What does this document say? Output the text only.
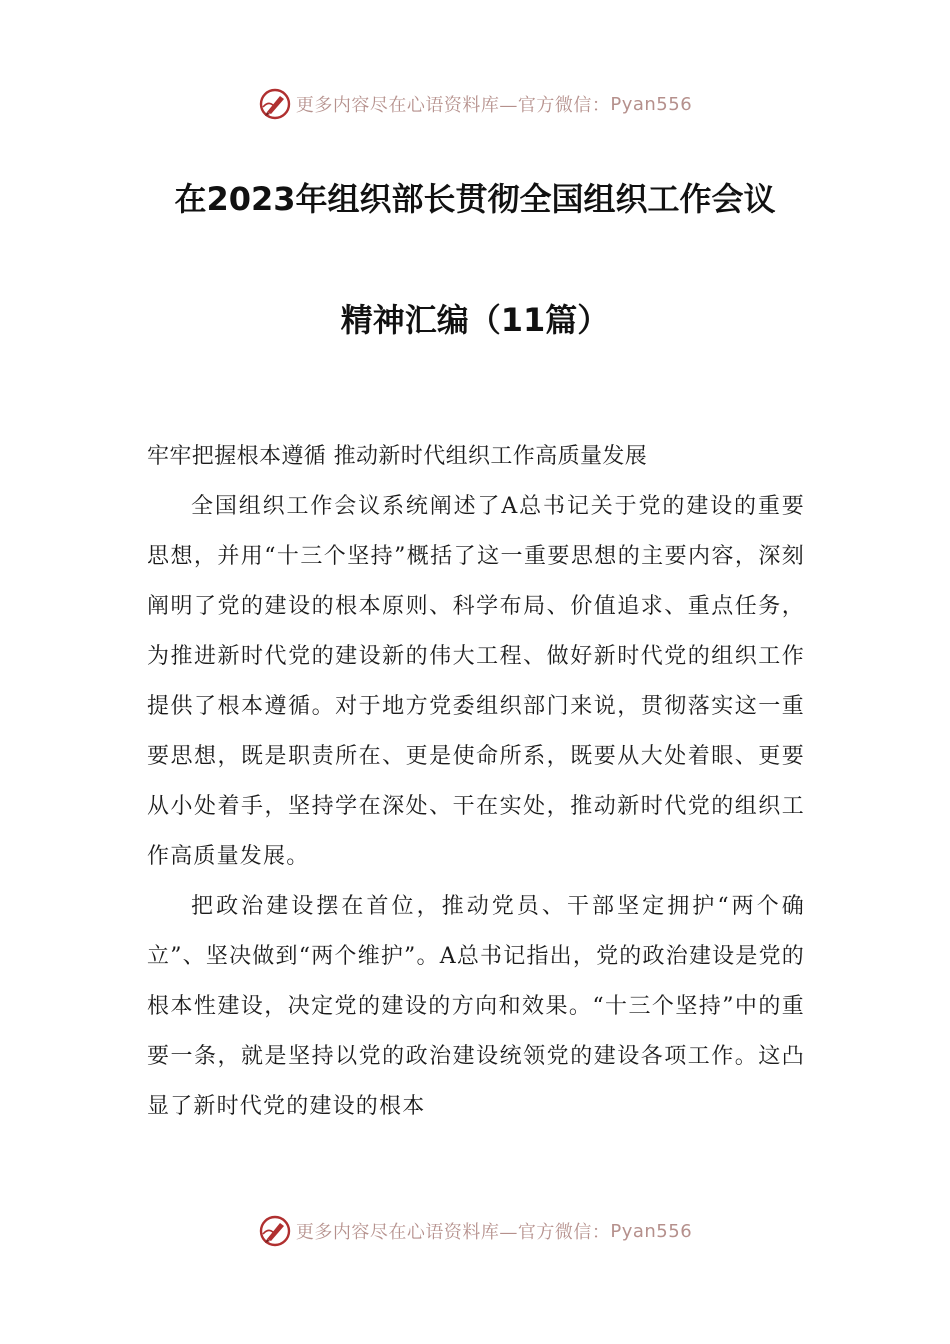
更多内容尽在心语资料库—官方微信： Pyan556
在2023年组织部长贯彻全国组织工作会议
精神汇编（11篇）

牢牢把握根本遵循 推动新时代组织工作高质量发展

全国组织工作会议系统阐述了A总书记关于党的建设的重要思想，并用“十三个坚持”概括了这一重要思想的主要内容，深刻阐明了党的建设的根本原则、科学布局、价值追求、重点任务，为推进新时代党的建设新的伟大工程、做好新时代党的组织工作提供了根本遵循。对于地方党委组织部门来说，贯彻落实这一重要思想，既是职责所在、更是使命所系，既要从大处着眼、更要从小处着手，坚持学在深处、干在实处，推动新时代党的组织工作高质量发展。

把政治建设摆在首位，推动党员、干部坚定拥护“两个确立”、坚决做到“两个维护”。A总书记指出，党的政治建设是党的根本性建设，决定党的建设的方向和效果。“十三个坚持”中的重要一条，就是坚持以党的政治建设统领党的建设各项工作。这凸显了新时代党的建设的根本

更多内容尽在心语资料库—官方微信： Pyan556
